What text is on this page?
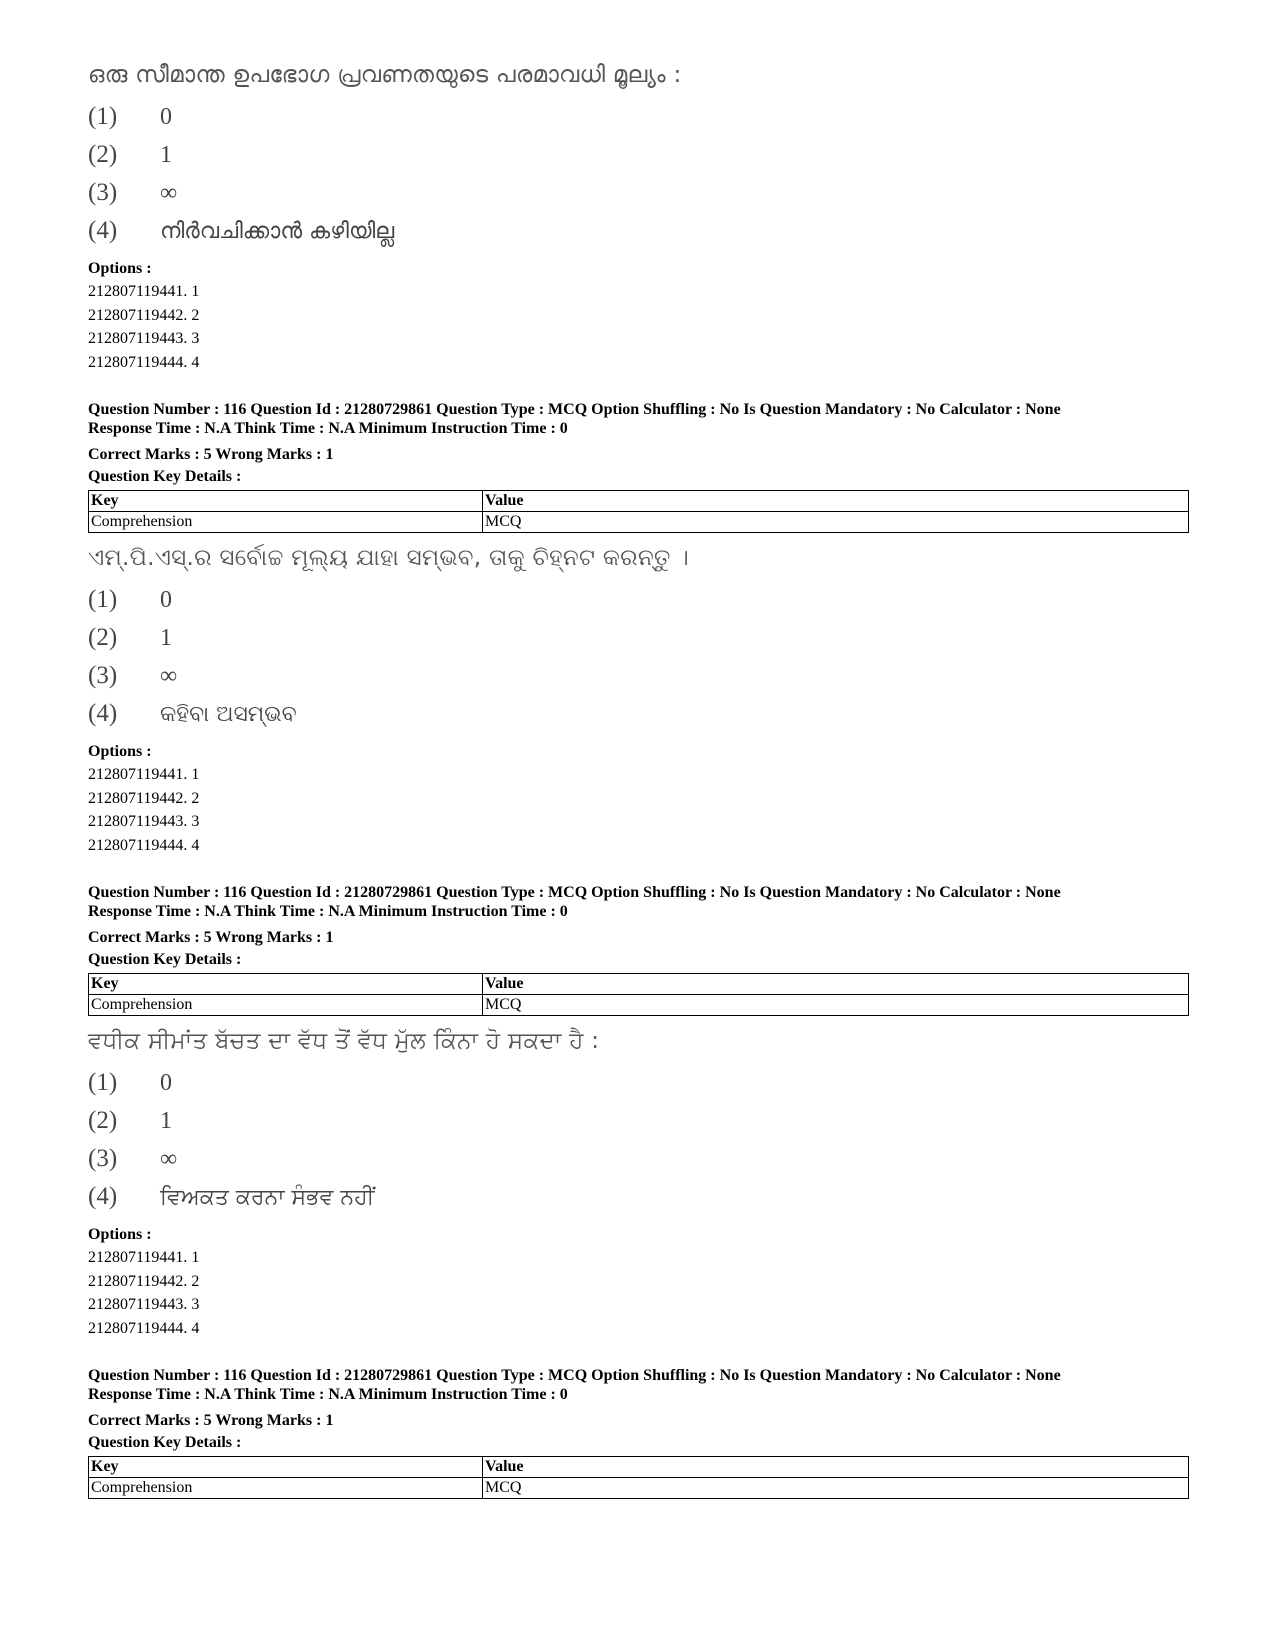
ഒരു സീമാന്ത ഉപഭോഗ പ്രവണതയുടെ പരമാവധി മൂല്യം :
(1)	0
(2)	1
(3)	∞
(4)	നിർവചിക്കാൻ കഴിയില്ല
Options :
212807119441. 1
212807119442. 2
212807119443. 3
212807119444. 4
Question Number : 116 Question Id : 21280729861 Question Type : MCQ Option Shuffling : No Is Question Mandatory : No Calculator : None
Response Time : N.A Think Time : N.A Minimum Instruction Time : 0
Correct Marks : 5 Wrong Marks : 1
Question Key Details :
Key	Value
Comprehension	MCQ
ଏମ୍.ପି.ଏସ୍.ର ସର୍ବୋଚ୍ଚ ମୂଲ୍ୟ ଯାହା ସମ୍ଭବ, ତାକୁ ଚିହ୍ନଟ କରନ୍ତୁ ।
(1)	0
(2)	1
(3)	∞
(4)	କହିବା ଅସମ୍ଭବ
Options :
212807119441. 1
212807119442. 2
212807119443. 3
212807119444. 4
Question Number : 116 Question Id : 21280729861 Question Type : MCQ Option Shuffling : No Is Question Mandatory : No Calculator : None
Response Time : N.A Think Time : N.A Minimum Instruction Time : 0
Correct Marks : 5 Wrong Marks : 1
Question Key Details :
Key	Value
Comprehension	MCQ
ਵਧੀਕ ਸੀਮਾਂਤ ਬੱਚਤ ਦਾ ਵੱਧ ਤੋਂ ਵੱਧ ਮੁੱਲ ਕਿੰਨਾ ਹੋ ਸਕਦਾ ਹੈ :
(1)	0
(2)	1
(3)	∞
(4)	ਵਿਅਕਤ ਕਰਨਾ ਸੰਭਵ ਨਹੀਂ
Options :
212807119441. 1
212807119442. 2
212807119443. 3
212807119444. 4
Question Number : 116 Question Id : 21280729861 Question Type : MCQ Option Shuffling : No Is Question Mandatory : No Calculator : None
Response Time : N.A Think Time : N.A Minimum Instruction Time : 0
Correct Marks : 5 Wrong Marks : 1
Question Key Details :
Key	Value
Comprehension	MCQ
